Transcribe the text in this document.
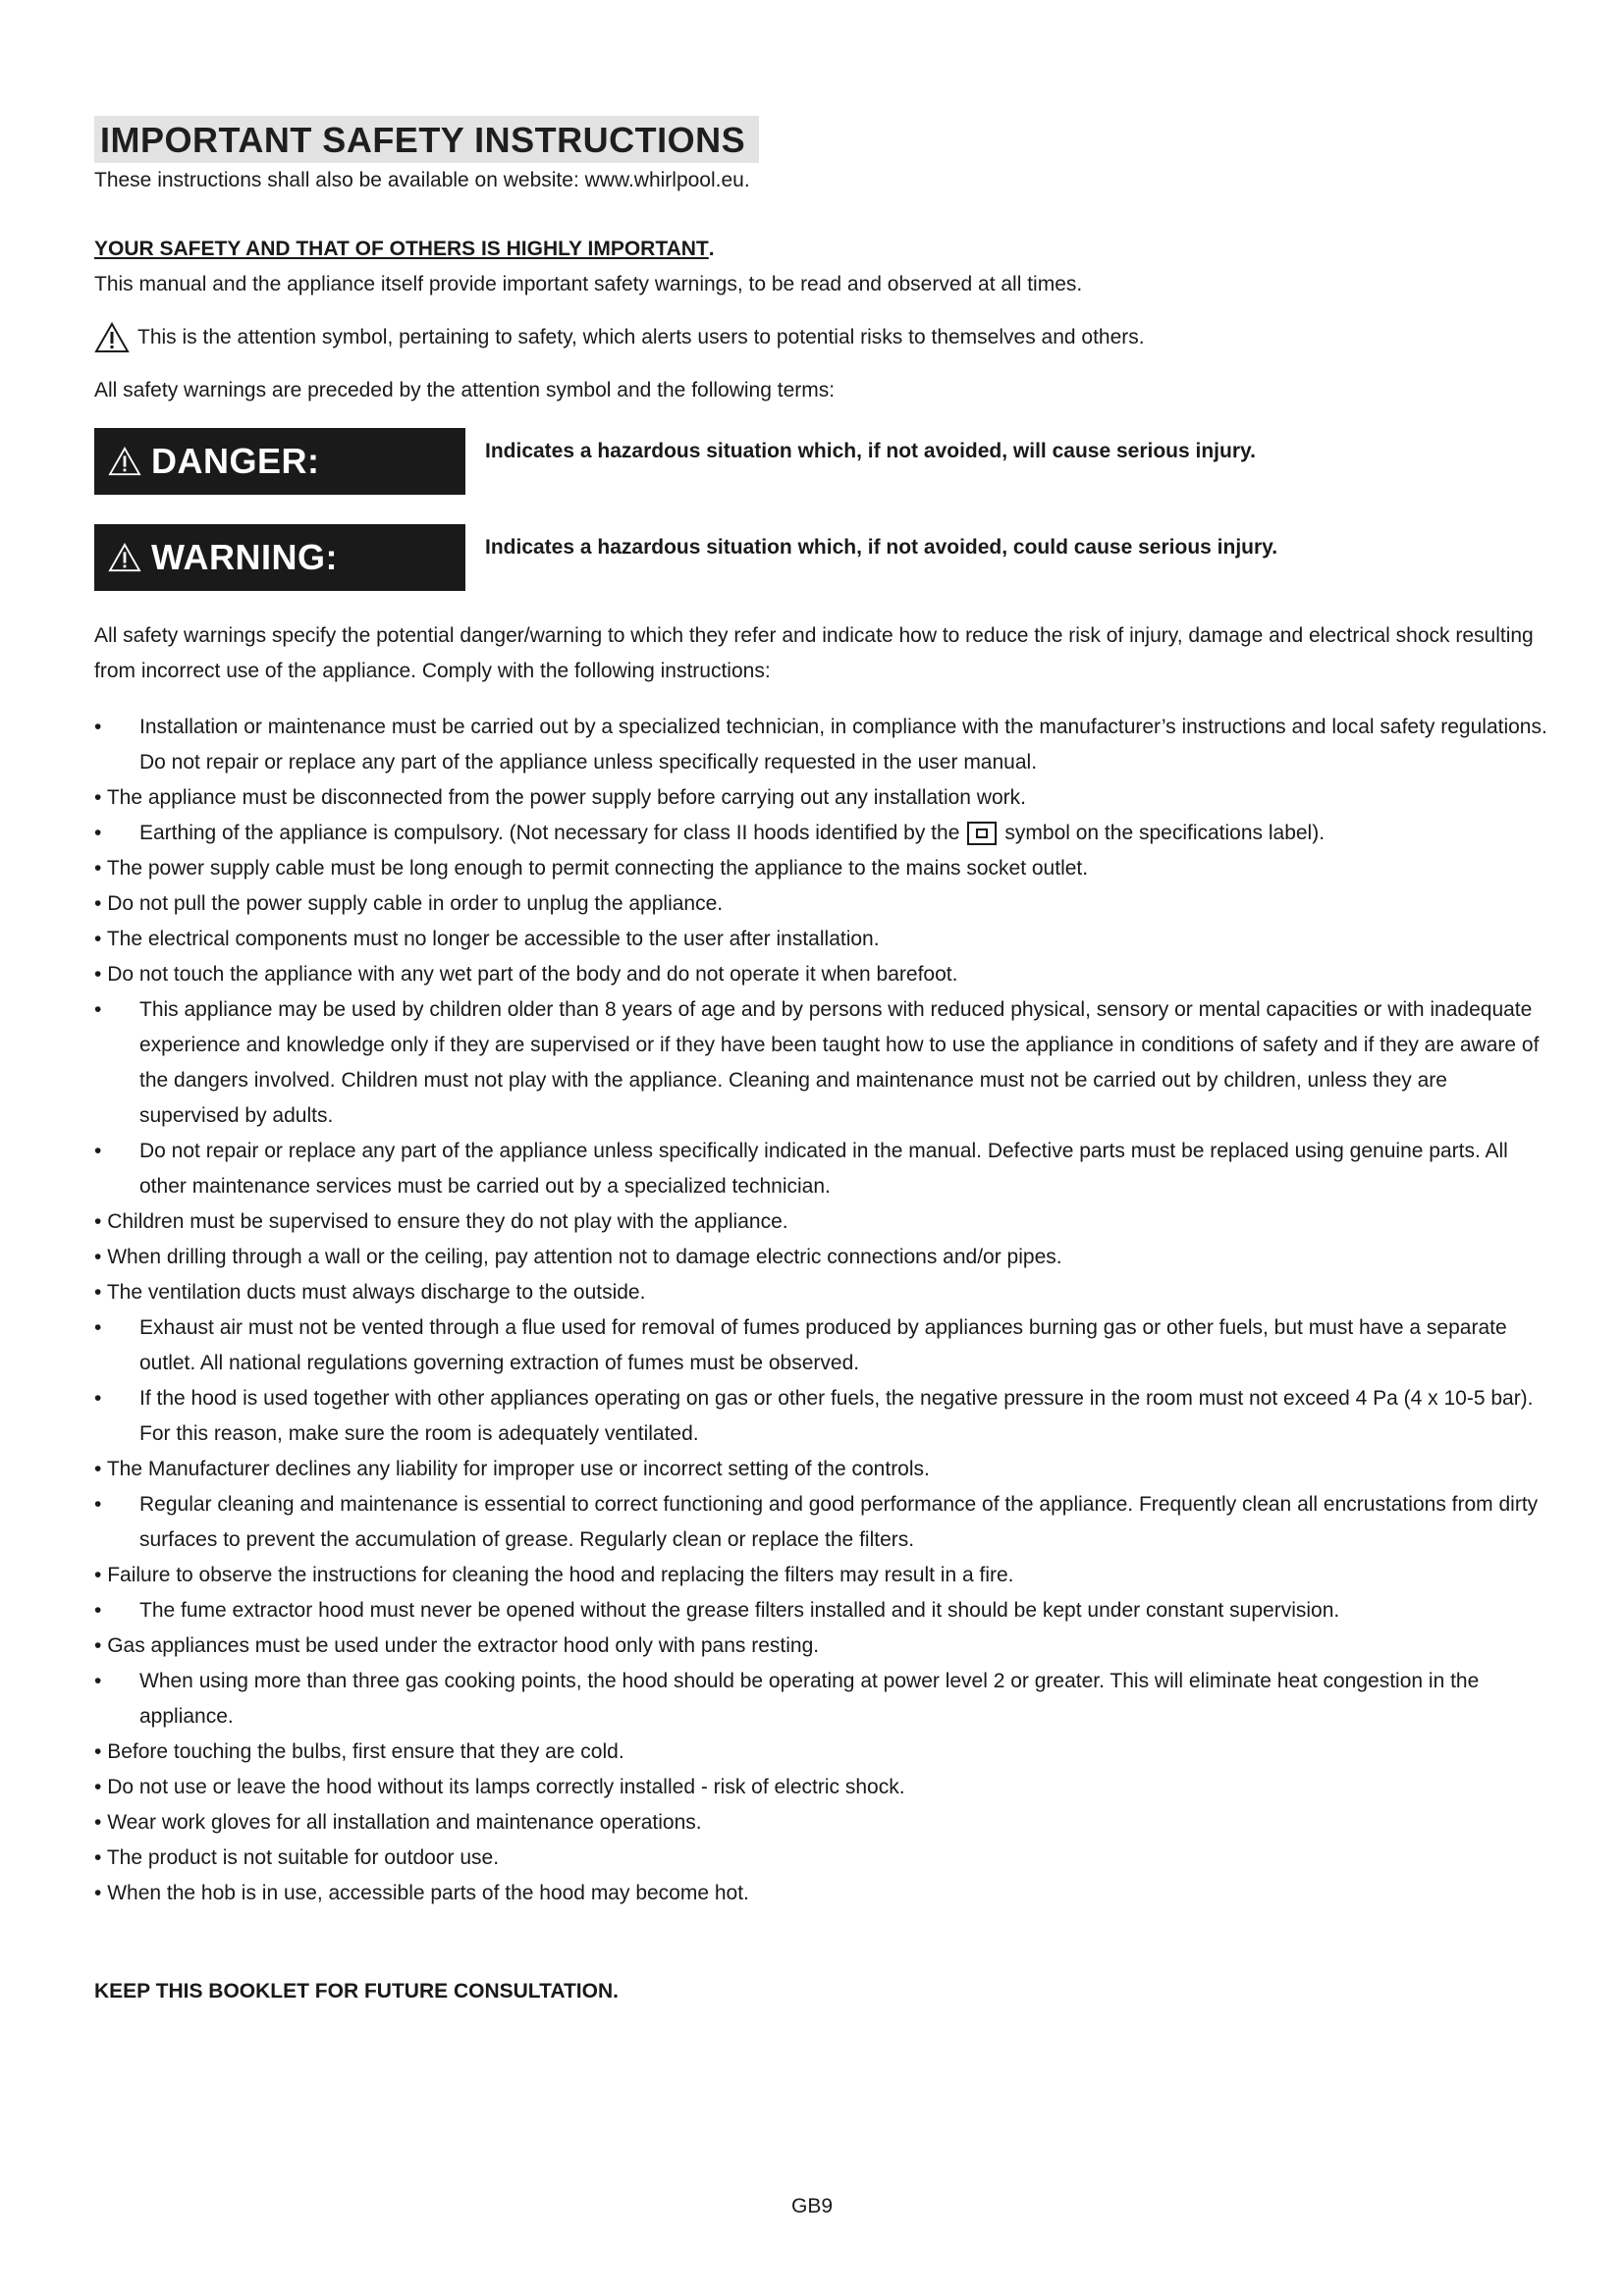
IMPORTANT SAFETY INSTRUCTIONS

These instructions shall also be available on website: www.whirlpool.eu.

YOUR SAFETY AND THAT OF OTHERS IS HIGHLY IMPORTANT.

This manual and the appliance itself provide important safety warnings, to be read and observed at all times.

This is the attention symbol, pertaining to safety, which alerts users to potential risks to themselves and others.

All safety warnings are preceded by the attention symbol and the following terms:

DANGER:	Indicates a hazardous situation which, if not avoided, will cause serious injury.
WARNING:	Indicates a hazardous situation which, if not avoided, could cause serious injury.

All safety warnings specify the potential danger/warning to which they refer and indicate how to reduce the risk of injury, damage and electrical shock resulting from incorrect use of the appliance. Comply with the following instructions:

• Installation or maintenance must be carried out by a specialized technician, in compliance with the manufacturer’s instructions and local safety regulations. Do not repair or replace any part of the appliance unless specifically requested in the user manual.
• The appliance must be disconnected from the power supply before carrying out any installation work.
• Earthing of the appliance is compulsory. (Not necessary for class II hoods identified by the symbol on the specifications label).
• The power supply cable must be long enough to permit connecting the appliance to the mains socket outlet.
• Do not pull the power supply cable in order to unplug the appliance.
• The electrical components must no longer be accessible to the user after installation.
• Do not touch the appliance with any wet part of the body and do not operate it when barefoot.
• This appliance may be used by children older than 8 years of age and by persons with reduced physical, sensory or mental capacities or with inadequate experience and knowledge only if they are supervised or if they have been taught how to use the appliance in conditions of safety and if they are aware of the dangers involved. Children must not play with the appliance. Cleaning and maintenance must not be carried out by children, unless they are supervised by adults.
• Do not repair or replace any part of the appliance unless specifically indicated in the manual. Defective parts must be replaced using genuine parts. All other maintenance services must be carried out by a specialized technician.
• Children must be supervised to ensure they do not play with the appliance.
• When drilling through a wall or the ceiling, pay attention not to damage electric connections and/or pipes.
• The ventilation ducts must always discharge to the outside.
• Exhaust air must not be vented through a flue used for removal of fumes produced by appliances burning gas or other fuels, but must have a separate outlet. All national regulations governing extraction of fumes must be observed.
• If the hood is used together with other appliances operating on gas or other fuels, the negative pressure in the room must not exceed 4 Pa (4 x 10-5 bar). For this reason, make sure the room is adequately ventilated.
• The Manufacturer declines any liability for improper use or incorrect setting of the controls.
• Regular cleaning and maintenance is essential to correct functioning and good performance of the appliance. Frequently clean all encrustations from dirty surfaces to prevent the accumulation of grease. Regularly clean or replace the filters.
• Failure to observe the instructions for cleaning the hood and replacing the filters may result in a fire.
• The fume extractor hood must never be opened without the grease filters installed and it should be kept under constant supervision.
• Gas appliances must be used under the extractor hood only with pans resting.
• When using more than three gas cooking points, the hood should be operating at power level 2 or greater. This will eliminate heat congestion in the appliance.
• Before touching the bulbs, first ensure that they are cold.
• Do not use or leave the hood without its lamps correctly installed - risk of electric shock.
• Wear work gloves for all installation and maintenance operations.
• The product is not suitable for outdoor use.
• When the hob is in use, accessible parts of the hood may become hot.

KEEP THIS BOOKLET FOR FUTURE CONSULTATION.

GB9
